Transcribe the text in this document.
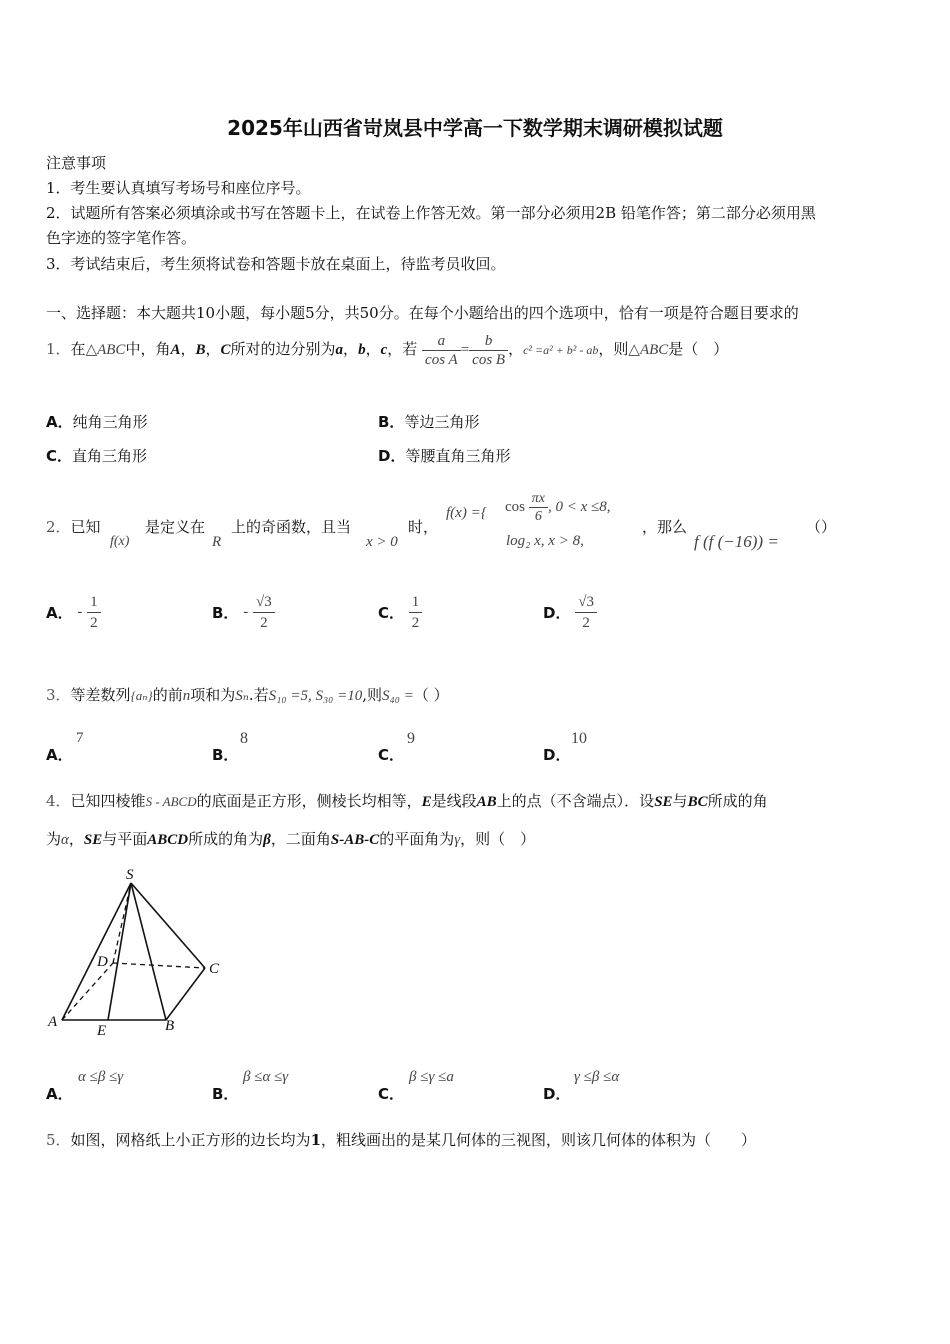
2025年山西省岢岚县中学高一下数学期末调研模拟试题
注意事项
1．考生要认真填写考场号和座位序号。
2．试题所有答案必须填涂或书写在答题卡上，在试卷上作答无效。第一部分必须用2B 铅笔作答；第二部分必须用黑
色字迹的签字笔作答。
3．考试结束后，考生须将试卷和答题卡放在桌面上，待监考员收回。
一、选择题：本大题共10小题，每小题5分，共50分。在每个小题给出的四个选项中，恰有一项是符合题目要求的
1．在△ABC中，角A，B，C所对的边分别为a，b，c，若 $\frac{a}{\text{cos A}} = \frac{b}{\text{cos B}}$ ，c² =a² + b² - ab，则△ABC是（　）
A．纯角三角形	B．等边三角形
C．直角三角形	D．等腰直角三角形
2．已知
f(x)
是定义在
R
上的奇函数，且当
x > 0
时，
f(x) ={ $\cos \frac{\pi x}{6}$ , 0 < x ≤8,
log₂ x, x > 8,
，那么
f (f (−16)) =
（）
A． - $\frac{1}{2}$	B． - $\frac{√3}{2}$	C． $\frac{1}{2}$	D． $\frac{√3}{2}$
3．等差数列{aₙ}的前n项和为Sₙ.若S₁₀ =5, S₃₀ =10,则S₄₀ =（ ）
A．
7
B．
8
C．
9
D．
10
4．已知四棱锥S - ABCD的底面是正方形，侧棱长均相等，E是线段AB上的点（不含端点）．设SE与BC所成的角
为α，SE与平面ABCD所成的角为β，二面角S-AB-C的平面角为γ，则（　）
S
D	C
A
E	B
A．
α ≤β ≤γ
B．
β ≤α ≤γ
C．
β ≤γ ≤a
D．
γ ≤β ≤α
5．如图，网格纸上小正方形的边长均为1，粗线画出的是某几何体的三视图，则该几何体的体积为（　　）
